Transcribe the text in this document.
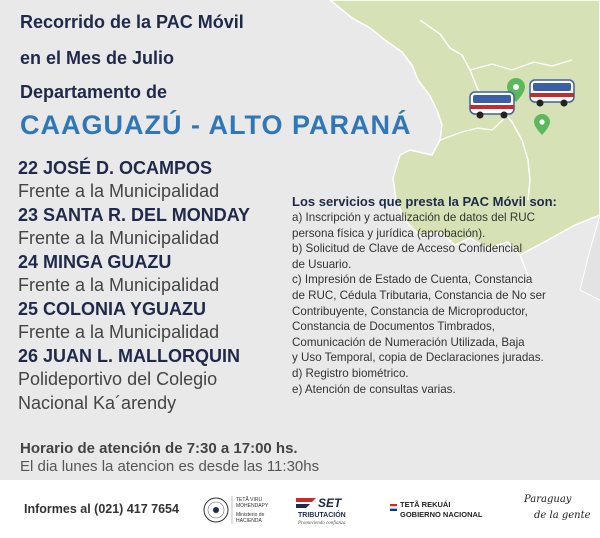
Recorrido de la PAC Móvil
en el Mes de Julio
Departamento de
CAAGUAZÚ - ALTO PARANÁ
22 JOSÉ D. OCAMPOS
Frente a la Municipalidad
23 SANTA R. DEL MONDAY
Frente a la Municipalidad
24 MINGA GUAZU
Frente a la Municipalidad
25 COLONIA YGUAZU
Frente a la Municipalidad
26 JUAN L. MALLORQUIN
Polideportivo del Colegio Nacional Ka´arendy
Los servicios que presta la PAC Móvil son:
a) Inscripción y actualización de datos del RUC
persona física y jurídica (aprobación).
b) Solicitud de Clave de Acceso Confidencial
de Usuario.
c) Impresión de Estado de Cuenta, Constancia
de RUC, Cédula Tributaria, Constancia de No ser
Contribuyente, Constancia de Microproductor,
Constancia de Documentos Timbrados,
Comunicación de Numeración Utilizada, Baja
y Uso Temporal, copia de Declaraciones juradas.
d) Registro biométrico.
e) Atención de consultas varias.
Horario de atención de 7:30 a 17:00 hs.
El dia lunes la atencion es desde las 11:30hs
Informes al (021) 417 7654
TETÃ VIRU
MOHENDAPY
Ministerio de
HACIENDA
SET
TRIBUTACIÓN
Promoviendo confianza
TETÃ REKUÁI
GOBIERNO NACIONAL
Paraguay
de la gente
